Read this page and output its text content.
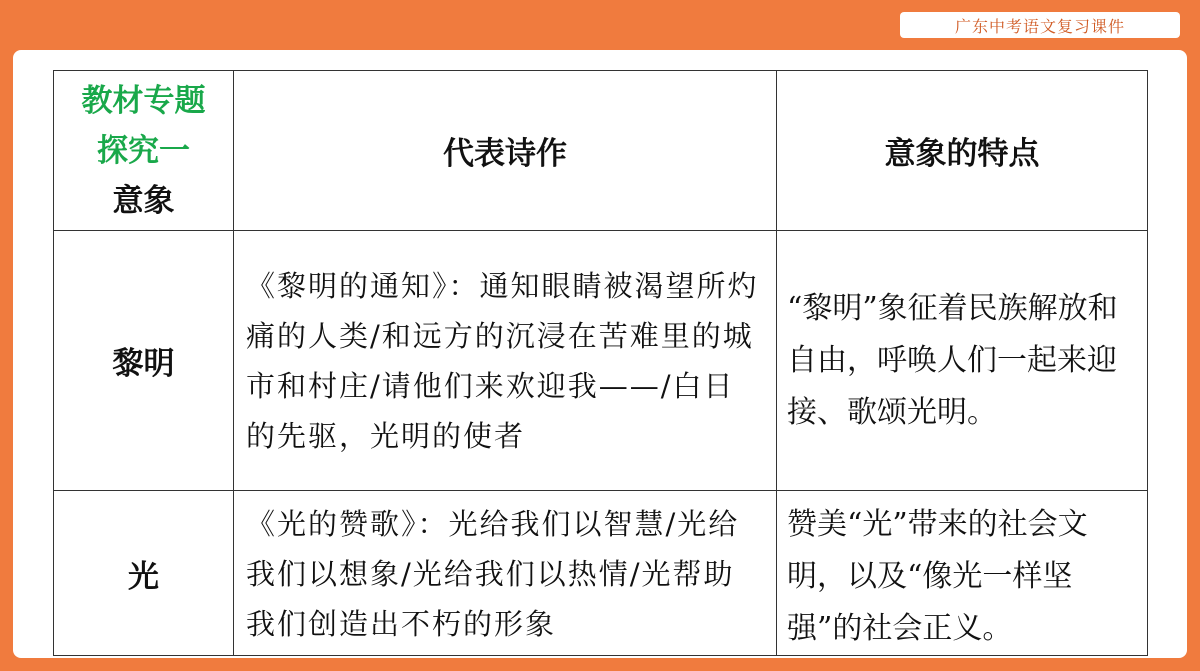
广东中考语文复习课件
教材专题
探究一
意象	代表诗作	意象的特点
黎明	《黎明的通知》：通知眼睛被渴望所灼痛的人类/和远方的沉浸在苦难里的城市和村庄/请他们来欢迎我——/白日的先驱，光明的使者	“黎明”象征着民族解放和自由，呼唤人们一起来迎接、歌颂光明。
光	《光的赞歌》：光给我们以智慧/光给我们以想象/光给我们以热情/光帮助我们创造出不朽的形象	赞美“光”带来的社会文明，以及“像光一样坚强”的社会正义。
